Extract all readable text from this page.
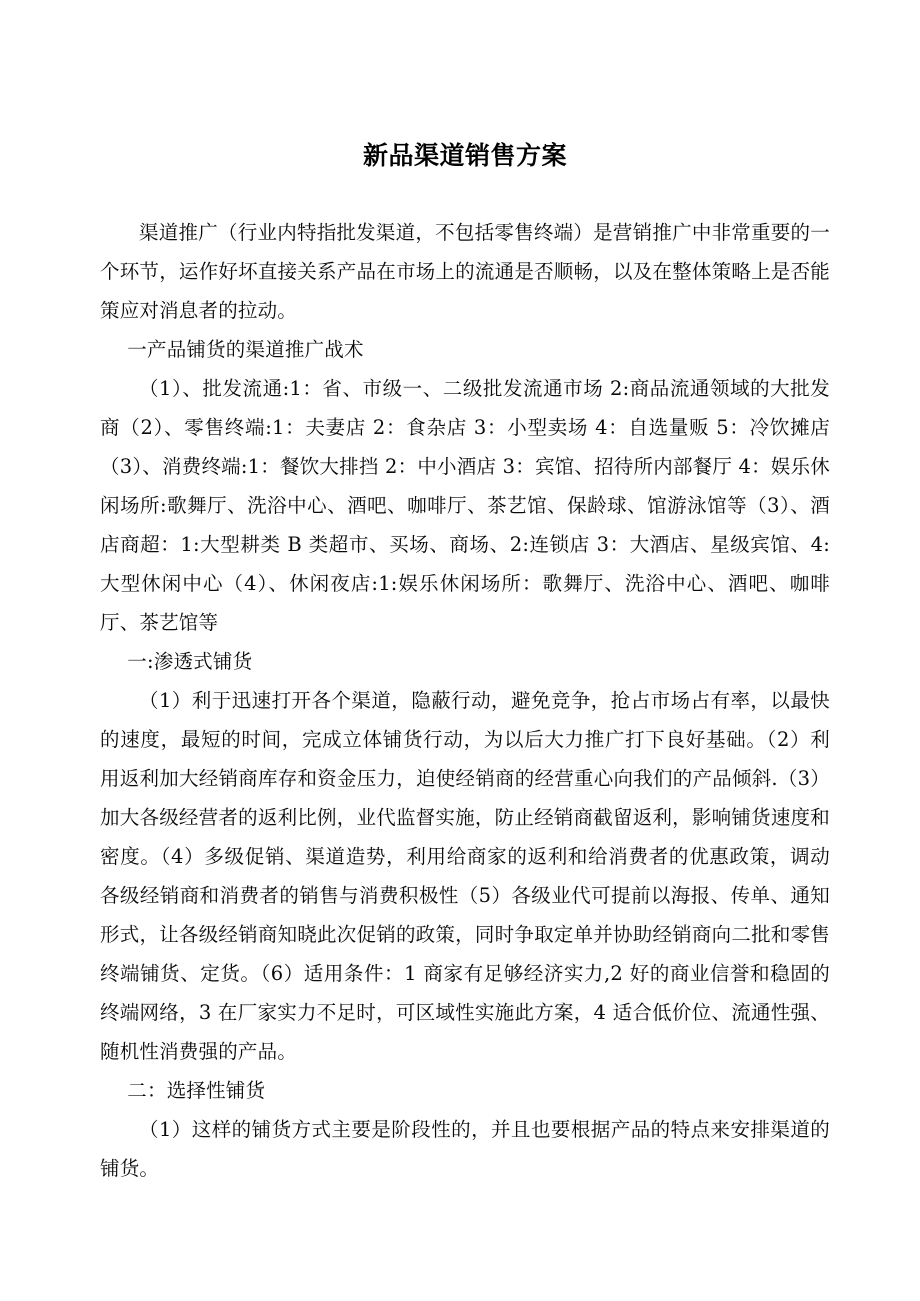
新品渠道销售方案

渠道推广（行业内特指批发渠道，不包括零售终端）是营销推广中非常重要的一个环节，运作好坏直接关系产品在市场上的流通是否顺畅，以及在整体策略上是否能策应对消息者的拉动。

一产品铺货的渠道推广战术

（1）、批发流通:1：省、市级一、二级批发流通市场 2:商品流通领域的大批发商（2）、零售终端:1：夫妻店 2：食杂店 3：小型卖场 4：自选量贩 5：冷饮摊店（3）、消费终端:1：餐饮大排挡 2：中小酒店 3：宾馆、招待所内部餐厅 4：娱乐休闲场所:歌舞厅、洗浴中心、酒吧、咖啡厅、茶艺馆、保龄球、馆游泳馆等（3）、酒店商超：1:大型耕类 B 类超市、买场、商场、2:连锁店 3：大酒店、星级宾馆、4:大型休闲中心（4）、休闲夜店:1:娱乐休闲场所：歌舞厅、洗浴中心、酒吧、咖啡厅、茶艺馆等

一:渗透式铺货

（1）利于迅速打开各个渠道，隐蔽行动，避免竞争，抢占市场占有率，以最快的速度，最短的时间，完成立体铺货行动，为以后大力推广打下良好基础。（2）利用返利加大经销商库存和资金压力，迫使经销商的经营重心向我们的产品倾斜.（3）加大各级经营者的返利比例，业代监督实施，防止经销商截留返利，影响铺货速度和密度。（4）多级促销、渠道造势，利用给商家的返利和给消费者的优惠政策，调动各级经销商和消费者的销售与消费积极性（5）各级业代可提前以海报、传单、通知形式，让各级经销商知晓此次促销的政策，同时争取定单并协助经销商向二批和零售终端铺货、定货。（6）适用条件：1 商家有足够经济实力,2 好的商业信誉和稳固的终端网络，3 在厂家实力不足时，可区域性实施此方案，4 适合低价位、流通性强、随机性消费强的产品。

二：选择性铺货

（1）这样的铺货方式主要是阶段性的，并且也要根据产品的特点来安排渠道的铺货。
